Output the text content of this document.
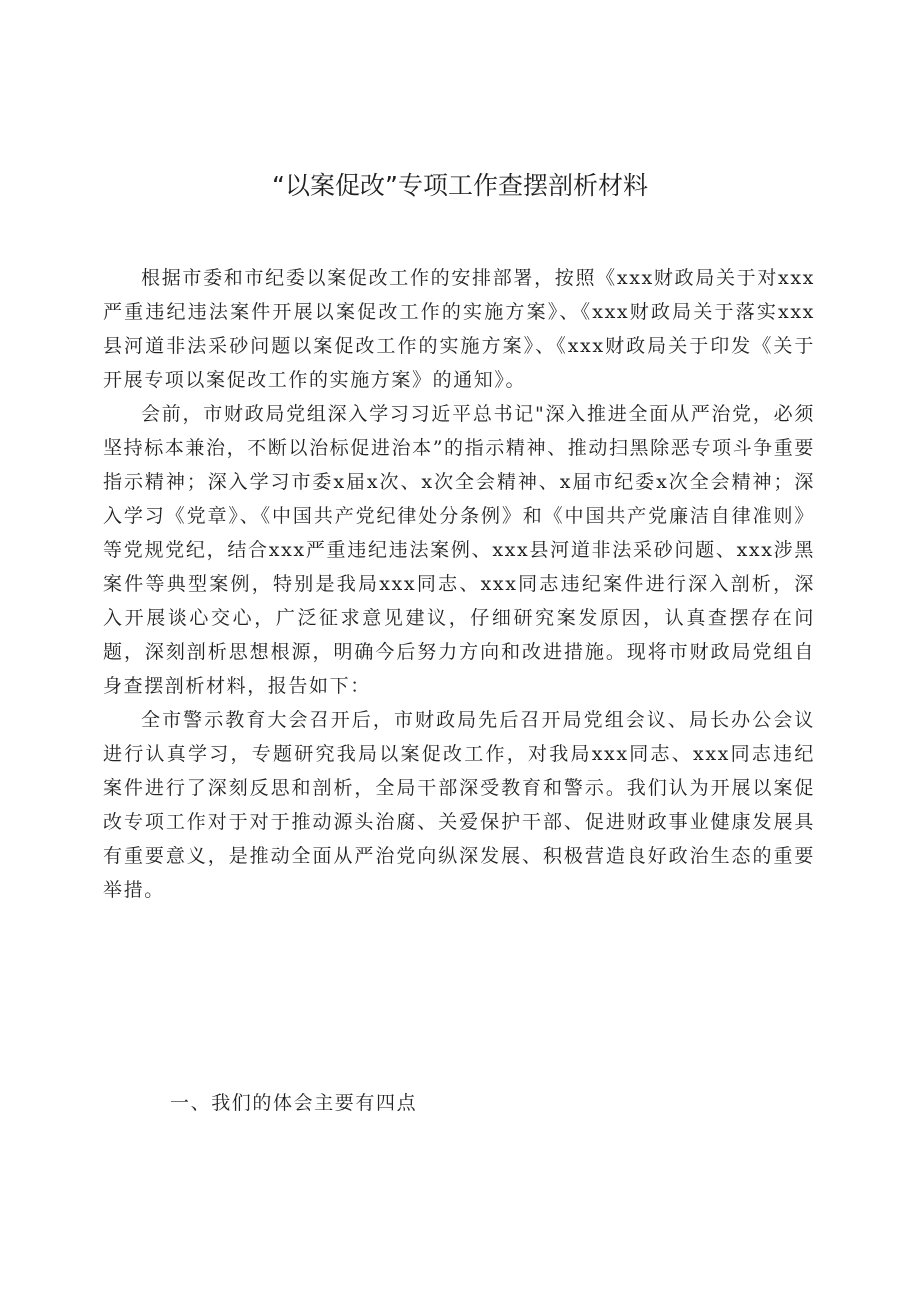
“以案促改”专项工作查摆剖析材料

根据市委和市纪委以案促改工作的安排部署，按照《xxx财政局关于对xxx严重违纪违法案件开展以案促改工作的实施方案》、《xxx财政局关于落实xxx县河道非法采砂问题以案促改工作的实施方案》、《xxx财政局关于印发《关于开展专项以案促改工作的实施方案》的通知》。

会前，市财政局党组深入学习习近平总书记"深入推进全面从严治党，必须坚持标本兼治，不断以治标促进治本”的指示精神、推动扫黑除恶专项斗争重要指示精神；深入学习市委x届x次、x次全会精神、x届市纪委x次全会精神；深入学习《党章》、《中国共产党纪律处分条例》和《中国共产党廉洁自律准则》等党规党纪，结合xxx严重违纪违法案例、xxx县河道非法采砂问题、xxx涉黑案件等典型案例，特别是我局xxx同志、xxx同志违纪案件进行深入剖析，深入开展谈心交心，广泛征求意见建议，仔细研究案发原因，认真查摆存在问题，深刻剖析思想根源，明确今后努力方向和改进措施。现将市财政局党组自身查摆剖析材料，报告如下：

全市警示教育大会召开后，市财政局先后召开局党组会议、局长办公会议进行认真学习，专题研究我局以案促改工作，对我局xxx同志、xxx同志违纪案件进行了深刻反思和剖析，全局干部深受教育和警示。我们认为开展以案促改专项工作对于对于推动源头治腐、关爱保护干部、促进财政事业健康发展具有重要意义，是推动全面从严治党向纵深发展、积极营造良好政治生态的重要举措。

一、我们的体会主要有四点
